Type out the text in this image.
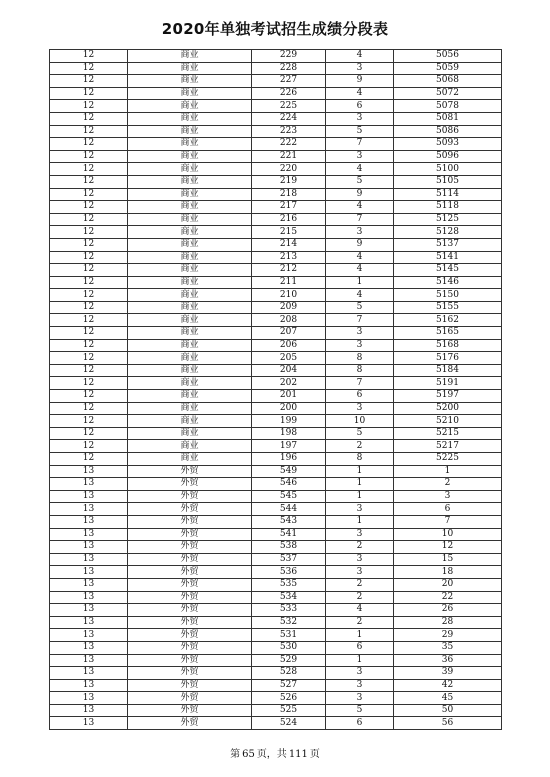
2020年单独考试招生成绩分段表
12	商业	229	4	5056
12	商业	228	3	5059
12	商业	227	9	5068
12	商业	226	4	5072
12	商业	225	6	5078
12	商业	224	3	5081
12	商业	223	5	5086
12	商业	222	7	5093
12	商业	221	3	5096
12	商业	220	4	5100
12	商业	219	5	5105
12	商业	218	9	5114
12	商业	217	4	5118
12	商业	216	7	5125
12	商业	215	3	5128
12	商业	214	9	5137
12	商业	213	4	5141
12	商业	212	4	5145
12	商业	211	1	5146
12	商业	210	4	5150
12	商业	209	5	5155
12	商业	208	7	5162
12	商业	207	3	5165
12	商业	206	3	5168
12	商业	205	8	5176
12	商业	204	8	5184
12	商业	202	7	5191
12	商业	201	6	5197
12	商业	200	3	5200
12	商业	199	10	5210
12	商业	198	5	5215
12	商业	197	2	5217
12	商业	196	8	5225
13	外贸	549	1	1
13	外贸	546	1	2
13	外贸	545	1	3
13	外贸	544	3	6
13	外贸	543	1	7
13	外贸	541	3	10
13	外贸	538	2	12
13	外贸	537	3	15
13	外贸	536	3	18
13	外贸	535	2	20
13	外贸	534	2	22
13	外贸	533	4	26
13	外贸	532	2	28
13	外贸	531	1	29
13	外贸	530	6	35
13	外贸	529	1	36
13	外贸	528	3	39
13	外贸	527	3	42
13	外贸	526	3	45
13	外贸	525	5	50
13	外贸	524	6	56
第 65 页，共 111 页
